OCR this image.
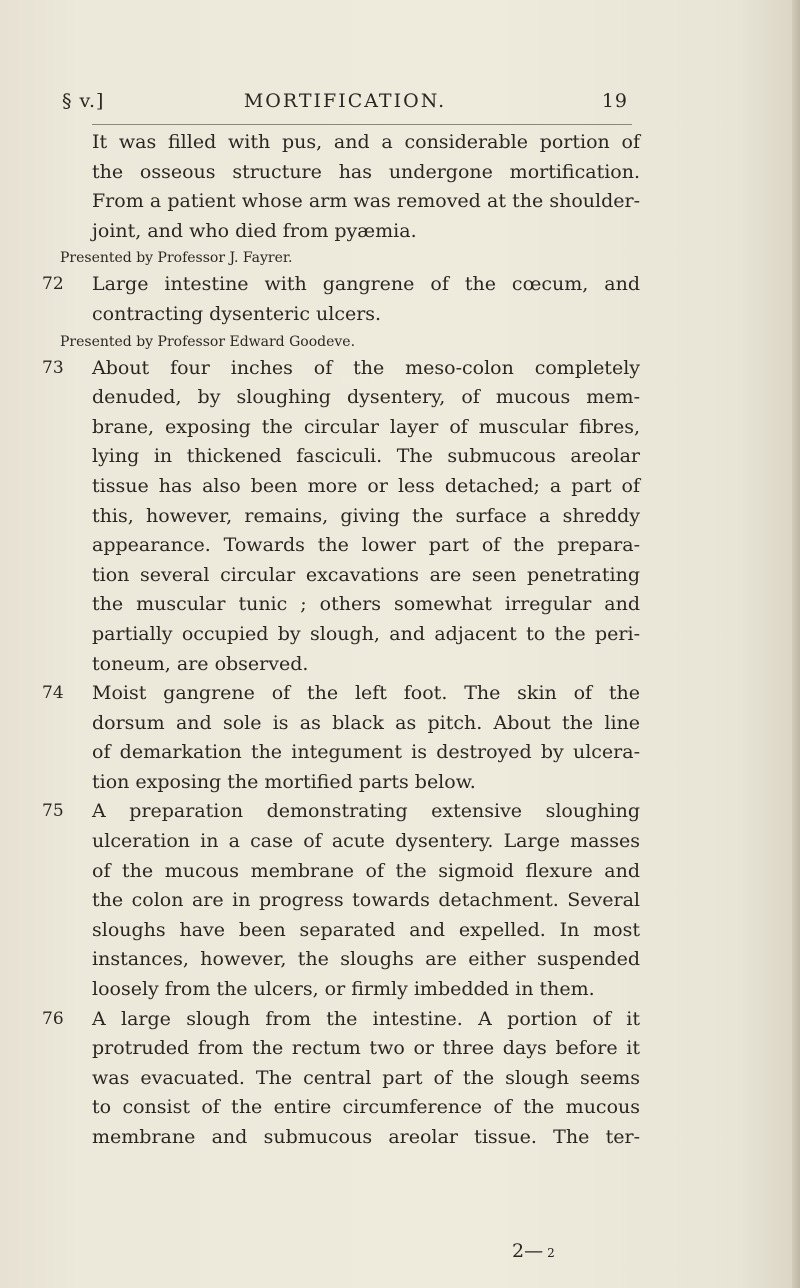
§ v.]	MORTIFICATION.	19

It was filled with pus, and a considerable portion of

the osseous structure has undergone mortification.

From a patient whose arm was removed at the shoulder-

joint, and who died from pyæmia.

Presented by Professor J. Fayrer.

72	Large intestine with gangrene of the cœcum, and

contracting dysenteric ulcers.

Presented by Professor Edward Goodeve.

73	About four inches of the meso-colon completely

denuded, by sloughing dysentery, of mucous mem-

brane, exposing the circular layer of muscular fibres,

lying in thickened fasciculi. The submucous areolar

tissue has also been more or less detached; a part of

this, however, remains, giving the surface a shreddy

appearance. Towards the lower part of the prepara-

tion several circular excavations are seen penetrating

the muscular tunic ; others somewhat irregular and

partially occupied by slough, and adjacent to the peri-

toneum, are observed.

74	Moist gangrene of the left foot. The skin of the

dorsum and sole is as black as pitch. About the line

of demarkation the integument is destroyed by ulcera-

tion exposing the mortified parts below.

75	A preparation demonstrating extensive sloughing

ulceration in a case of acute dysentery. Large masses

of the mucous membrane of the sigmoid flexure and

the colon are in progress towards detachment. Several

sloughs have been separated and expelled. In most

instances, however, the sloughs are either suspended

loosely from the ulcers, or firmly imbedded in them.

76	A large slough from the intestine. A portion of it

protruded from the rectum two or three days before it

was evacuated. The central part of the slough seems

to consist of the entire circumference of the mucous

membrane and submucous areolar tissue. The ter-

2— 2
